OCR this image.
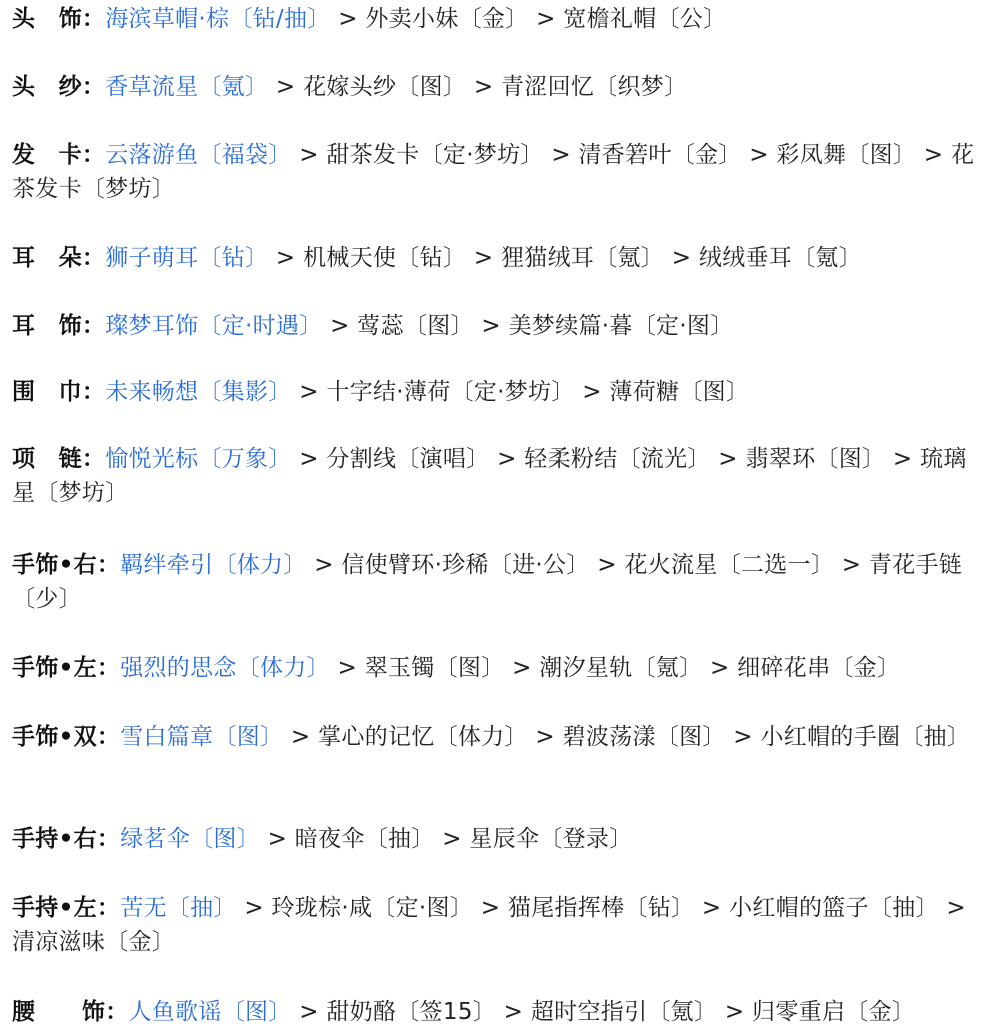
头　饰：海滨草帽·棕〔钻/抽〕 > 外卖小妹〔金〕 > 宽檐礼帽〔公〕
头　纱：香草流星〔氪〕 > 花嫁头纱〔图〕 > 青涩回忆〔织梦〕
发　卡：云落游鱼〔福袋〕 > 甜茶发卡〔定·梦坊〕 > 清香箬叶〔金〕 > 彩凤舞〔图〕 > 花茶发卡〔梦坊〕
耳　朵：狮子萌耳〔钻〕 > 机械天使〔钻〕 > 狸猫绒耳〔氪〕 > 绒绒垂耳〔氪〕
耳　饰：璨梦耳饰〔定·时遇〕 > 莺蕊〔图〕 > 美梦续篇·暮〔定·图〕
围　巾：未来畅想〔集影〕 > 十字结·薄荷〔定·梦坊〕 > 薄荷糖〔图〕
项　链：愉悦光标〔万象〕 > 分割线〔演唱〕 > 轻柔粉结〔流光〕 > 翡翠环〔图〕 > 琉璃星〔梦坊〕
手饰•右：羁绊牵引〔体力〕 > 信使臂环·珍稀〔进·公〕 > 花火流星〔二选一〕 > 青花手链〔少〕
手饰•左：强烈的思念〔体力〕 > 翠玉镯〔图〕 > 潮汐星轨〔氪〕 > 细碎花串〔金〕
手饰•双：雪白篇章〔图〕 > 掌心的记忆〔体力〕 > 碧波荡漾〔图〕 > 小红帽的手圈〔抽〕
手持•右：绿茗伞〔图〕 > 暗夜伞〔抽〕 > 星辰伞〔登录〕
手持•左：苦无〔抽〕 > 玲珑棕·咸〔定·图〕 > 猫尾指挥棒〔钻〕 > 小红帽的篮子〔抽〕 > 清凉滋味〔金〕
腰　　饰：人鱼歌谣〔图〕 > 甜奶酪〔签15〕 > 超时空指引〔氪〕 > 归零重启〔金〕
